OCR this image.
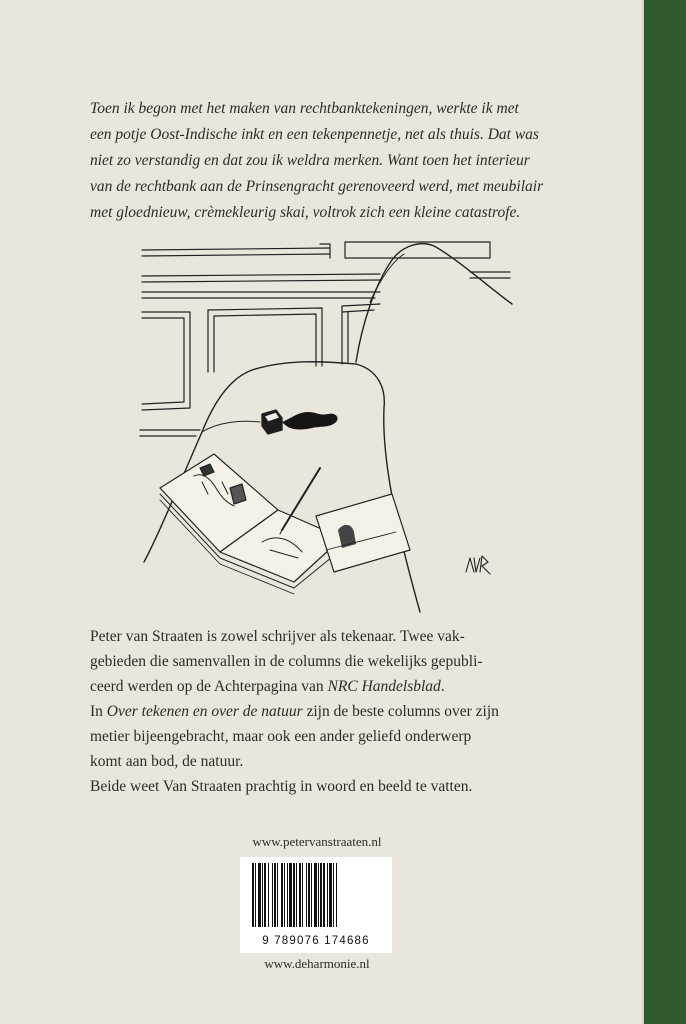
Toen ik begon met het maken van rechtbanktekeningen, werkte ik met
een potje Oost-Indische inkt en een tekenpennetje, net als thuis. Dat was
niet zo verstandig en dat zou ik weldra merken. Want toen het interieur
van de rechtbank aan de Prinsengracht gerenoveerd werd, met meubilair
met gloednieuw, crèmekleurig skai, voltrok zich een kleine catastrofe.
Peter van Straaten is zowel schrijver als tekenaar. Twee vak-
gebieden die samenvallen in de columns die wekelijks gepubli-
ceerd werden op de Achterpagina van NRC Handelsblad.
In Over tekenen en over de natuur zijn de beste columns over zijn
metier bijeengebracht, maar ook een ander geliefd onderwerp
komt aan bod, de natuur.
Beide weet Van Straaten prachtig in woord en beeld te vatten.
www.petervanstraaten.nl
9 789076 174686
www.deharmonie.nl
